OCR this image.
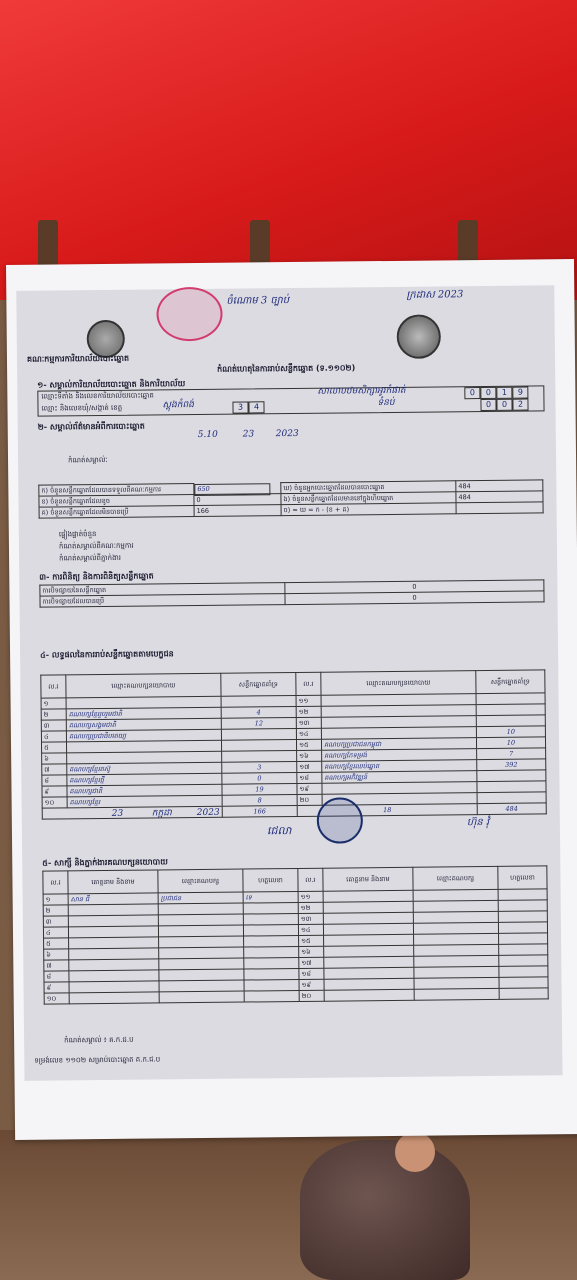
ចំណោម 3 ច្បាប់
ក្រដាស 2023
គណៈកម្មការការិយាល័យបោះឆ្នោត
កំណត់ហេតុនៃការរាប់សន្លឹកឆ្នោត (ទ.១១០២)
១- សម្គាល់ការិយាល័យបោះឆ្នោត និងការិយាល័យ
ឈ្មោះទីតាំង និងលេខការិយាល័យបោះឆ្នោត	សាលាបឋមសិក្សាអូរកំផាត់	0	0	1	9
ឈ្មោះ និងលេខឃុំ/សង្កាត់ ខេត្ត	ស្តុងកំពង់	3	4	ទំនប់	0	0	2
២- សម្គាល់ព័ត៌មានអំពីការបោះឆ្នោត
5.10	23 2023
កំណត់សម្គាល់ៈ
ក) ចំនួនសន្លឹកឆ្នោតដែលបានទទួលពីគណៈកម្មការ		650	ឃ) ចំនួនអ្នកបោះឆ្នោតដែលបានបោះឆ្នោត	484
ខ) ចំនួនសន្លឹកឆ្នោតដែលខូច	0	ង) ចំនួនសន្លឹកឆ្នោតដែលមាននៅក្នុងហិបឆ្នោត	484
គ) ចំនួនសន្លឹកឆ្នោតដែលមិនបានប្រើ	166	ច) = ឃ = ក - (ខ + គ)	
ផ្ទៀងផ្ទាត់ចំនួន
កំណត់សម្គាល់ពីគណៈកម្មការ
កំណត់សម្គាល់ពីភ្នាក់ងារ
៣- ការពិនិត្យ និងការពិនិត្យសន្លឹកឆ្នោត
ការបិទផ្សាយនៃសន្លឹកឆ្នោត	0
ការបិទផ្សាយដែលបានប្រើ	0
៤- លទ្ធផលនៃការរាប់សន្លឹកឆ្នោតតាមបេក្ខជន
ល.រ	ឈ្មោះគណបក្សនយោបាយ	សន្លឹកឆ្នោតគាំទ្រ	ល.រ	ឈ្មោះគណបក្សនយោបាយ	សន្លឹកឆ្នោតគាំទ្រ
១			១១		
២	គណបក្សខ្មែររួបរួមជាតិ	4	១២		
៣	គណបក្សសង្គមជាតិ	12	១៣		
៤	គណបក្សប្រជាធិបតេយ្យ		១៤		10
៥			១៥	គណបក្សប្រជាជនកម្ពុជា	10
៦			១៦	គណបក្សកែទម្រង់	7
៧	គណបក្សខ្មែរតស៊ូ	3	១៧	គណបក្សខ្មែរឈប់ឆ្នោត	392
៨	គណបក្សខ្មែរថ្មី	0	១៨	គណបក្សអភិវឌ្ឍន៍	
៩	គណបក្សជាតិ	19	១៩		
១០	គណបក្សខ្មែរ	8	២០		
		166	18		484
23	កក្កដា	2023
ជេលា
ហ៊ុន វុំ
៥- សាក្សី និងភ្នាក់ងារគណបក្សនយោបាយ
ល.រ	គោត្តនាម និងនាម	ឈ្មោះគណបក្ស	ហត្ថលេខា	ល.រ	គោត្តនាម និងនាម	ឈ្មោះគណបក្ស	ហត្ថលេខា
១	សាន ធី	ប្រជាជន	ទេ	១១			
២				១២			
៣				១៣			
៤				១៤			
៥				១៥			
៦				១៦			
៧				១៧			
៨				១៨			
៩				១៩			
១០				២០			
កំណត់សម្គាល់ ៖ គ.ក.ជ.ប
ទម្រង់លេខ ១១០២ សម្រាប់បោះឆ្នោត គ.ក.ជ.ប
